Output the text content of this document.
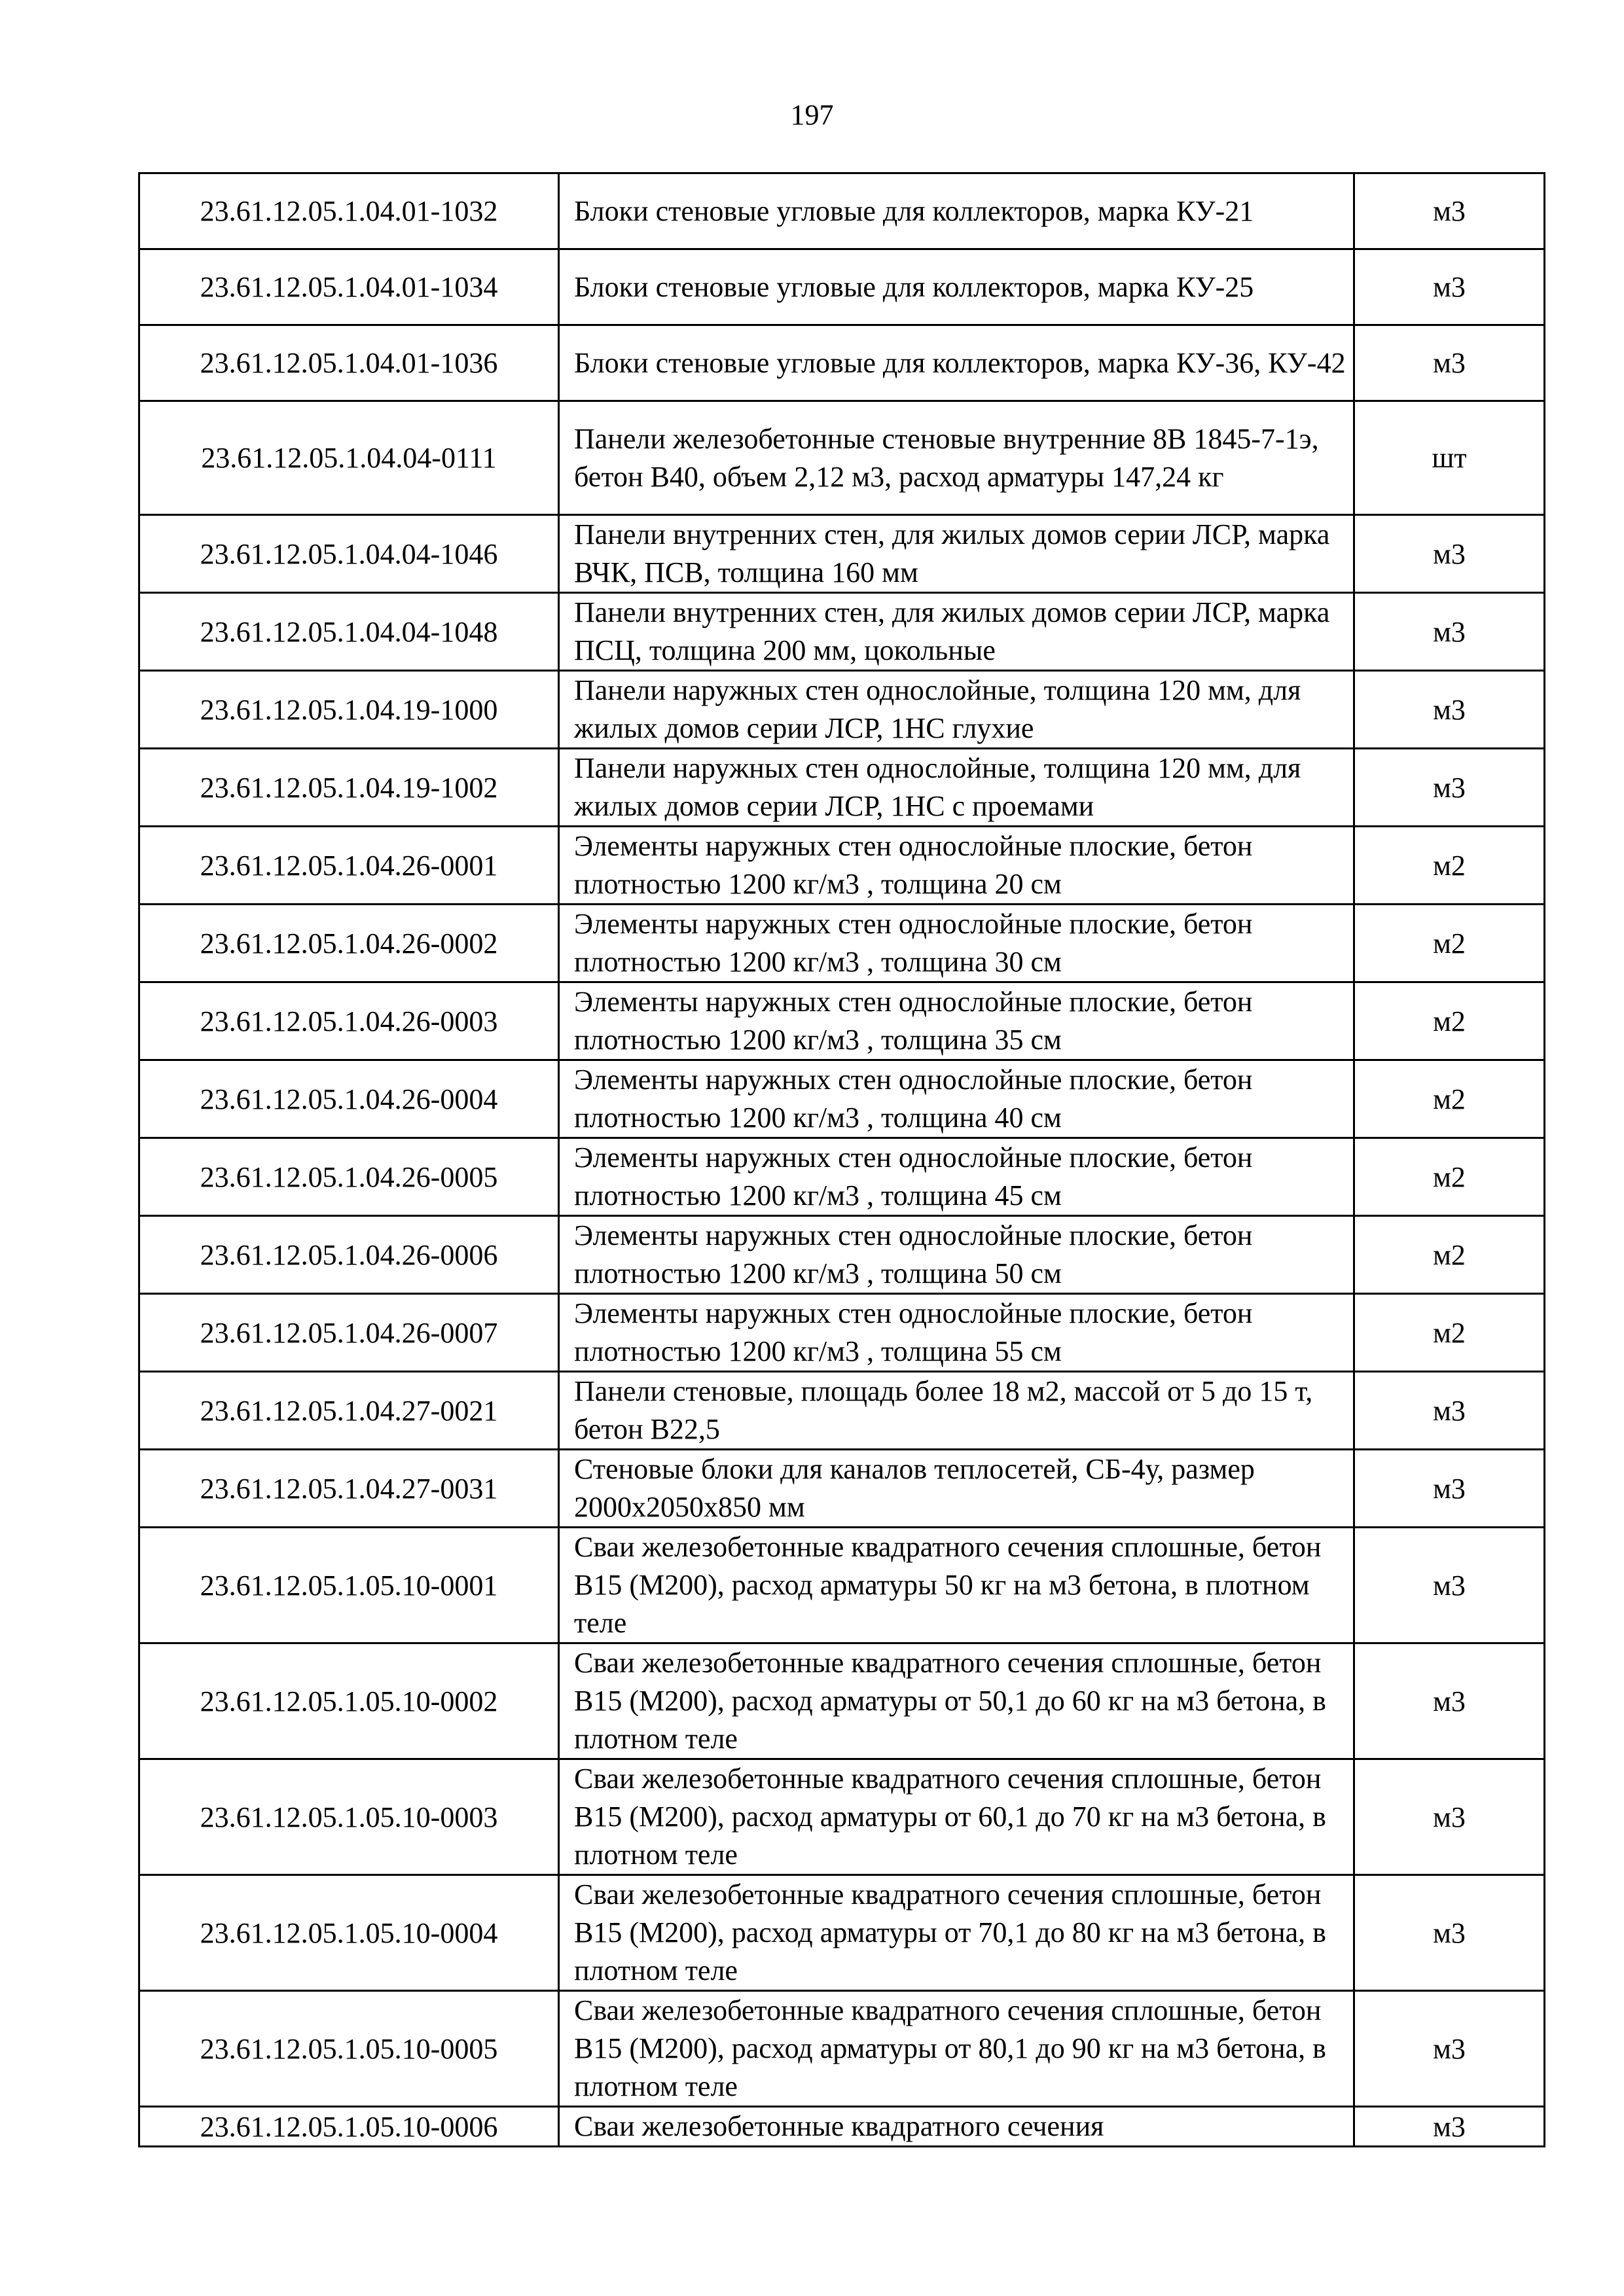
197
23.61.12.05.1.04.01-1032	Блоки стеновые угловые для коллекторов, марка КУ-21	м3
23.61.12.05.1.04.01-1034	Блоки стеновые угловые для коллекторов, марка КУ-25	м3
23.61.12.05.1.04.01-1036	Блоки стеновые угловые для коллекторов, марка КУ-36, КУ-42	м3
23.61.12.05.1.04.04-0111	Панели железобетонные стеновые внутренние 8В 1845-7-1э, бетон В40, объем 2,12 м3, расход арматуры 147,24 кг	шт
23.61.12.05.1.04.04-1046	Панели внутренних стен, для жилых домов серии ЛСР, марка ВЧК, ПСВ, толщина 160 мм	м3
23.61.12.05.1.04.04-1048	Панели внутренних стен, для жилых домов серии ЛСР, марка ПСЦ, толщина 200 мм, цокольные	м3
23.61.12.05.1.04.19-1000	Панели наружных стен однослойные, толщина 120 мм, для жилых домов серии ЛСР, 1НС глухие	м3
23.61.12.05.1.04.19-1002	Панели наружных стен однослойные, толщина 120 мм, для жилых домов серии ЛСР, 1НС с проемами	м3
23.61.12.05.1.04.26-0001	Элементы наружных стен однослойные плоские, бетон плотностью 1200 кг/м3 , толщина 20 см	м2
23.61.12.05.1.04.26-0002	Элементы наружных стен однослойные плоские, бетон плотностью 1200 кг/м3 , толщина 30 см	м2
23.61.12.05.1.04.26-0003	Элементы наружных стен однослойные плоские, бетон плотностью 1200 кг/м3 , толщина 35 см	м2
23.61.12.05.1.04.26-0004	Элементы наружных стен однослойные плоские, бетон плотностью 1200 кг/м3 , толщина 40 см	м2
23.61.12.05.1.04.26-0005	Элементы наружных стен однослойные плоские, бетон плотностью 1200 кг/м3 , толщина 45 см	м2
23.61.12.05.1.04.26-0006	Элементы наружных стен однослойные плоские, бетон плотностью 1200 кг/м3 , толщина 50 см	м2
23.61.12.05.1.04.26-0007	Элементы наружных стен однослойные плоские, бетон плотностью 1200 кг/м3 , толщина 55 см	м2
23.61.12.05.1.04.27-0021	Панели стеновые, площадь более 18 м2, массой от 5 до 15 т, бетон В22,5	м3
23.61.12.05.1.04.27-0031	Стеновые блоки для каналов теплосетей, СБ-4у, размер 2000х2050х850 мм	м3
23.61.12.05.1.05.10-0001	Сваи железобетонные квадратного сечения сплошные, бетон В15 (М200), расход арматуры 50 кг на м3 бетона, в плотном теле	м3
23.61.12.05.1.05.10-0002	Сваи железобетонные квадратного сечения сплошные, бетон В15 (М200), расход арматуры от 50,1 до 60 кг на м3 бетона, в плотном теле	м3
23.61.12.05.1.05.10-0003	Сваи железобетонные квадратного сечения сплошные, бетон В15 (М200), расход арматуры от 60,1 до 70 кг на м3 бетона, в плотном теле	м3
23.61.12.05.1.05.10-0004	Сваи железобетонные квадратного сечения сплошные, бетон В15 (М200), расход арматуры от 70,1 до 80 кг на м3 бетона, в плотном теле	м3
23.61.12.05.1.05.10-0005	Сваи железобетонные квадратного сечения сплошные, бетон В15 (М200), расход арматуры от 80,1 до 90 кг на м3 бетона, в плотном теле	м3
23.61.12.05.1.05.10-0006	Сваи железобетонные квадратного сечения	м3
